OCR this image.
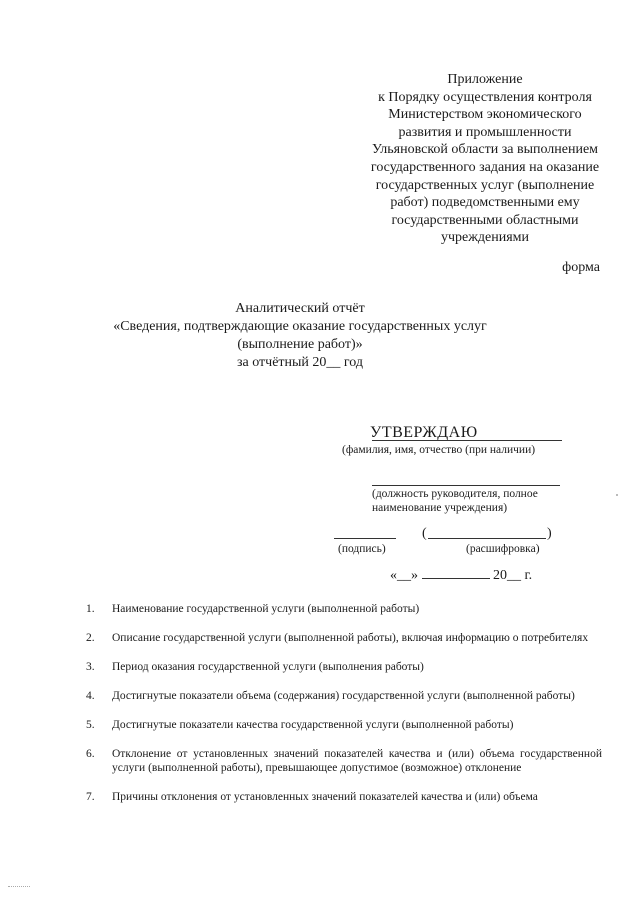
Приложение
к Порядку осуществления контроля
Министерством экономического
развития и промышленности
Ульяновской области за выполнением
государственного задания на оказание
государственных услуг (выполнение
работ) подведомственными ему
государственными областными
учреждениями
форма
Аналитический отчёт
«Сведения, подтверждающие оказание государственных услуг
(выполнение работ)»
за отчётный 20__ год
УТВЕРЖДАЮ
(фамилия, имя, отчество (при наличии)
(должность руководителя, полное
наименование учреждения)
(	)
(подпись)	(расшифровка)
«__»	20__ г.
1.	Наименование государственной услуги (выполненной работы)
2.	Описание государственной услуги (выполненной работы), включая информацию о потребителях
3.	Период оказания государственной услуги (выполнения работы)
4.	Достигнутые показатели объема (содержания) государственной услуги (выполненной работы)
5.	Достигнутые показатели качества государственной услуги (выполненной работы)
6.	Отклонение от установленных значений показателей качества и (или) объема государственной услуги (выполненной работы), превышающее допустимое (возможное) отклонение
7.	Причины отклонения от установленных значений показателей качества и (или) объема
